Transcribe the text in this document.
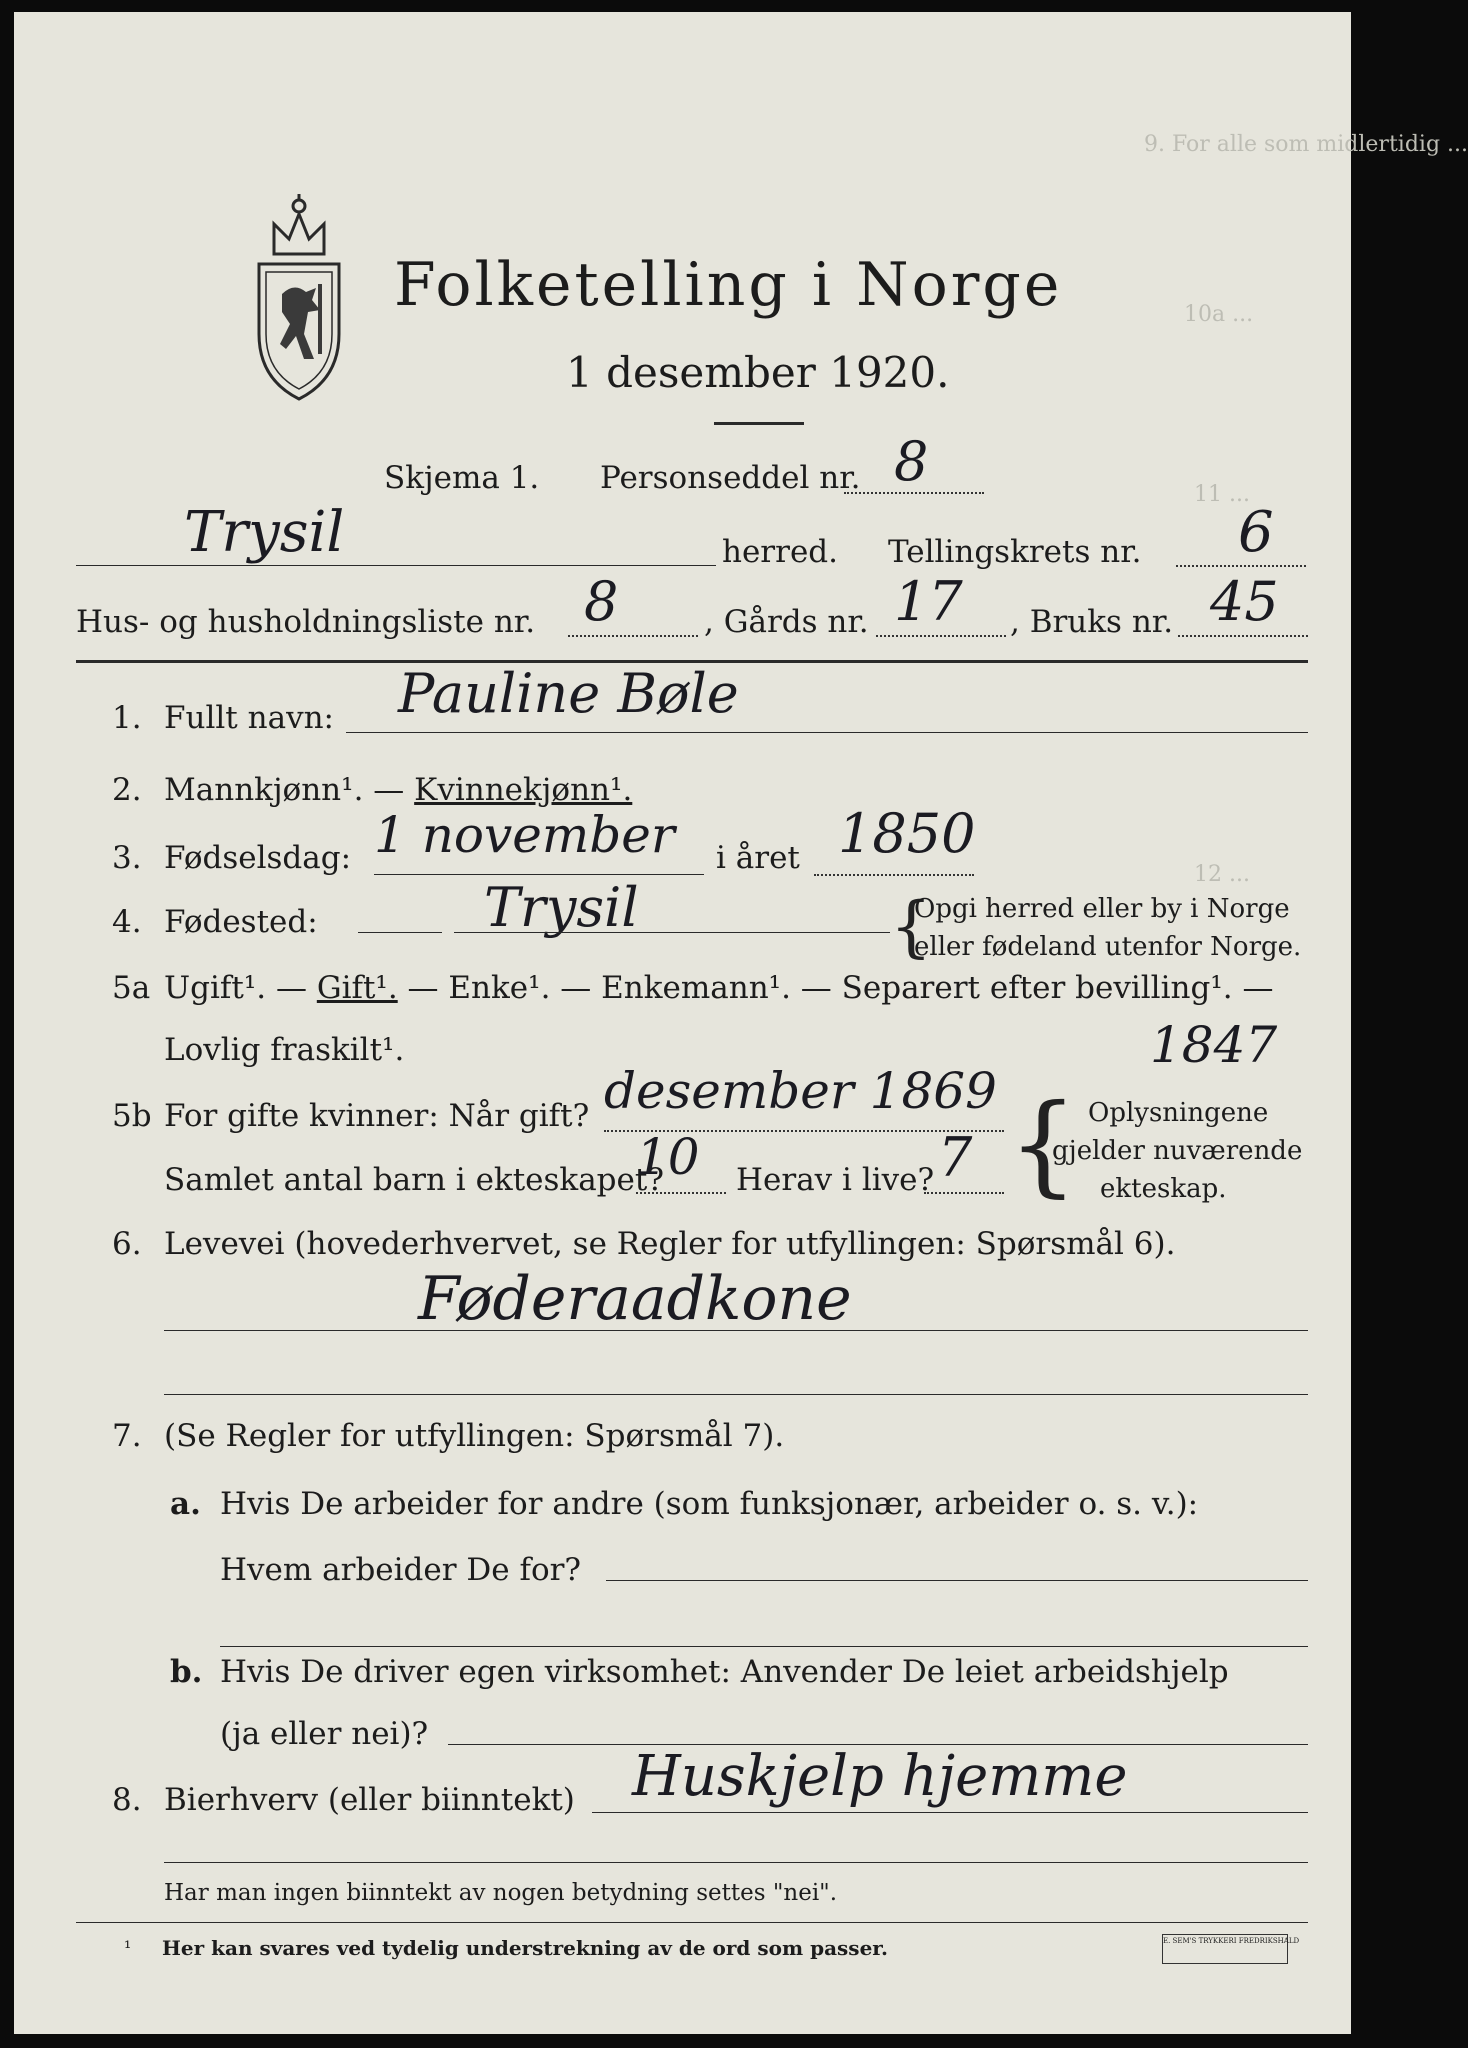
9. For alle som midlertidig ...
10a ...
11 ...
12 ...
Folketelling i Norge
1 desember 1920.
Skjema 1. Personseddel nr. 8
Trysil	herred. Tellingskrets nr. 6
Hus- og husholdningsliste nr. 8	, Gårds nr. 17 , Bruks nr. 45
1. Fullt navn: Pauline Bøle
2. Mannkjønn¹. — Kvinnekjønn¹.
3. Fødselsdag: 1 november i året 1850
4. Fødested:	Trysil	{
Opgi herred eller by i Norge
eller fødeland utenfor Norge.
5a Ugift¹. — Gift¹. — Enke¹. — Enkemann¹. — Separert efter bevilling¹. —
Lovlig fraskilt¹.	1847
5b For gifte kvinner: Når gift? desember 1869
Samlet antal barn i ekteskapet?
10 Herav i live? 7 { Oplysningene
gjelder nuværende
ekteskap.
6. Levevei (hovederhvervet, se Regler for utfyllingen: Spørsmål 6).
Føderaadkone
7. (Se Regler for utfyllingen: Spørsmål 7).
a. Hvis De arbeider for andre (som funksjonær, arbeider o. s. v.):
Hvem arbeider De for?
b. Hvis De driver egen virksomhet: Anvender De leiet arbeidshjelp
(ja eller nei)?
8. Bierhverv (eller biinntekt) Huskjelp hjemme
Har man ingen biinntekt av nogen betydning settes "nei".
¹ Her kan svares ved tydelig understrekning av de ord som passer.	E. SEM'S TRYKKERI FREDRIKSHALD
